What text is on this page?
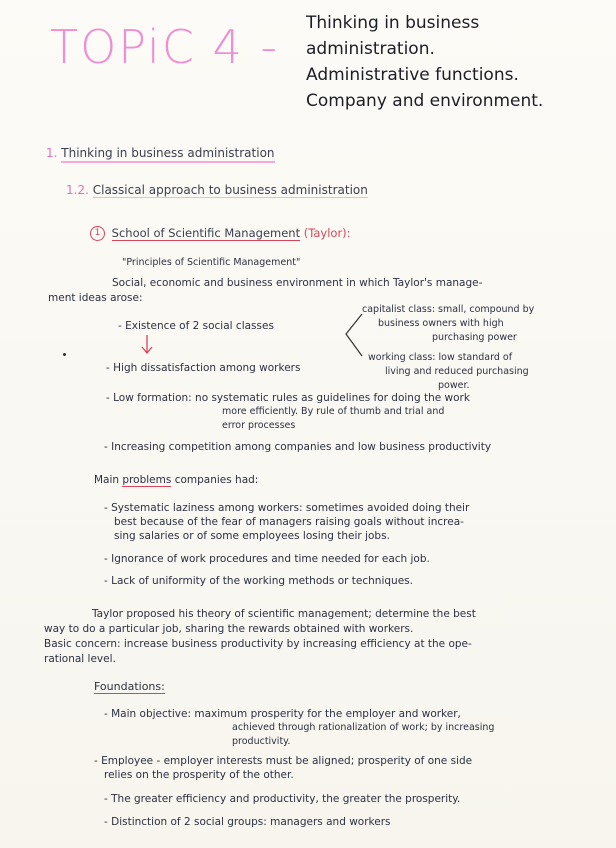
TOPiC 4 - Thinking in business
administration.
Administrative functions.
Company and environment.
1. Thinking in business administration
1.2. Classical approach to business administration
1 School of Scientific Management (Taylor):
"Principles of Scientific Management"
Social, economic and business environment in which Taylor's manage-
ment ideas arose:
- Existence of 2 social classes
capitalist class: small, compound by
business owners with high
purchasing power
working class: low standard of
living and reduced purchasing
power.
- High dissatisfaction among workers
- Low formation: no systematic rules as guidelines for doing the work
more efficiently. By rule of thumb and trial and
error processes
- Increasing competition among companies and low business productivity
Main problems companies had:
- Systematic laziness among workers: sometimes avoided doing their
best because of the fear of managers raising goals without increa-
sing salaries or of some employees losing their jobs.
- Ignorance of work procedures and time needed for each job.
- Lack of uniformity of the working methods or techniques.
Taylor proposed his theory of scientific management; determine the best
way to do a particular job, sharing the rewards obtained with workers.
Basic concern: increase business productivity by increasing efficiency at the ope-
rational level.
Foundations:
- Main objective: maximum prosperity for the employer and worker,
achieved through rationalization of work; by increasing
productivity.
- Employee - employer interests must be aligned; prosperity of one side
relies on the prosperity of the other.
- The greater efficiency and productivity, the greater the prosperity.
- Distinction of 2 social groups: managers and workers
